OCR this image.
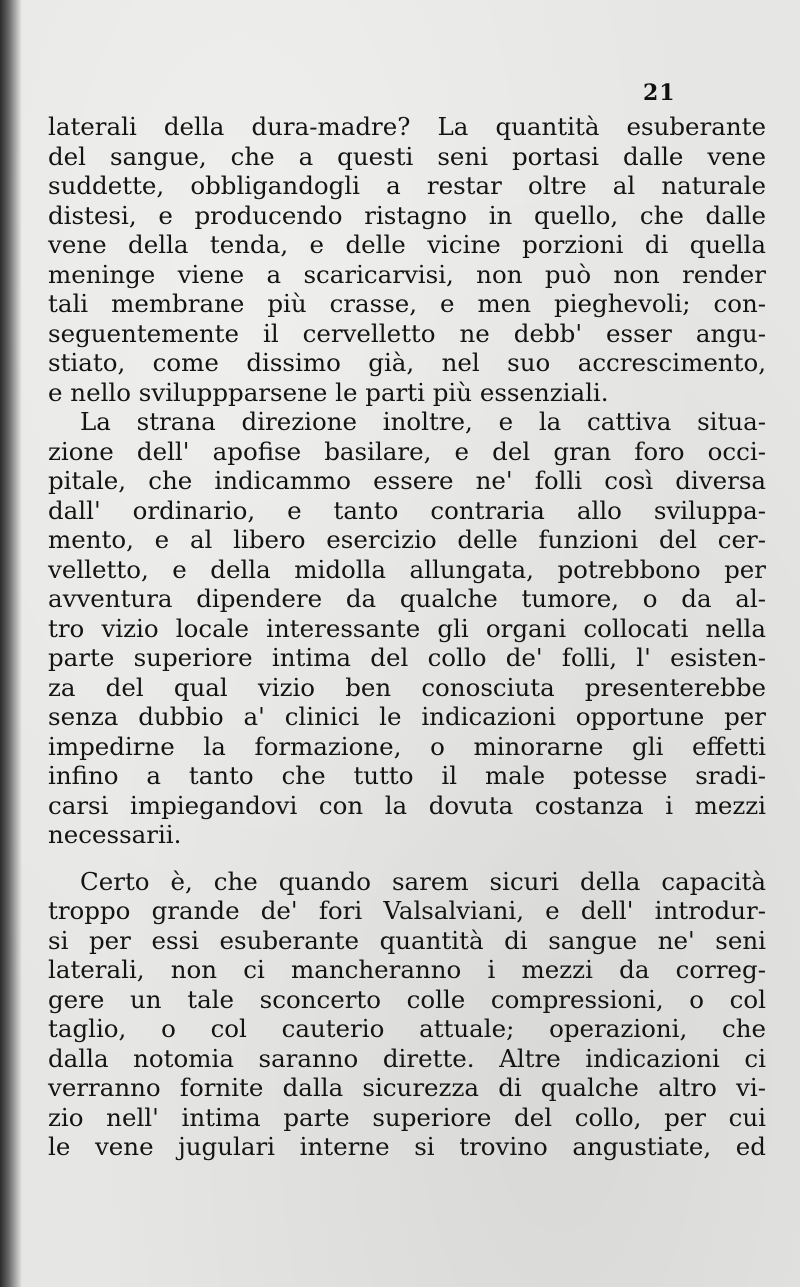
21
laterali della dura-madre? La quantità esuberante
del sangue, che a questi seni portasi dalle vene
suddette, obbligandogli a restar oltre al naturale
distesi, e producendo ristagno in quello, che dalle
vene della tenda, e delle vicine porzioni di quella
meninge viene a scaricarvisi, non può non render
tali membrane più crasse, e men pieghevoli; con-
seguentemente il cervelletto ne debb' esser angu-
stiato, come dissimo già, nel suo accrescimento,
e nello sviluppparsene le parti più essenziali.
La strana direzione inoltre, e la cattiva situa-
zione dell' apofise basilare, e del gran foro occi-
pitale, che indicammo essere ne' folli così diversa
dall' ordinario, e tanto contraria allo sviluppa-
mento, e al libero esercizio delle funzioni del cer-
velletto, e della midolla allungata, potrebbono per
avventura dipendere da qualche tumore, o da al-
tro vizio locale interessante gli organi collocati nella
parte superiore intima del collo de' folli, l' esisten-
za del qual vizio ben conosciuta presenterebbe
senza dubbio a' clinici le indicazioni opportune per
impedirne la formazione, o minorarne gli effetti
infino a tanto che tutto il male potesse sradi-
carsi impiegandovi con la dovuta costanza i mezzi
necessarii.
Certo è, che quando sarem sicuri della capacità
troppo grande de' fori Valsalviani, e dell' introdur-
si per essi esuberante quantità di sangue ne' seni
laterali, non ci mancheranno i mezzi da correg-
gere un tale sconcerto colle compressioni, o col
taglio, o col cauterio attuale; operazioni, che
dalla notomia saranno dirette. Altre indicazioni ci
verranno fornite dalla sicurezza di qualche altro vi-
zio nell' intima parte superiore del collo, per cui
le vene jugulari interne si trovino angustiate, ed
